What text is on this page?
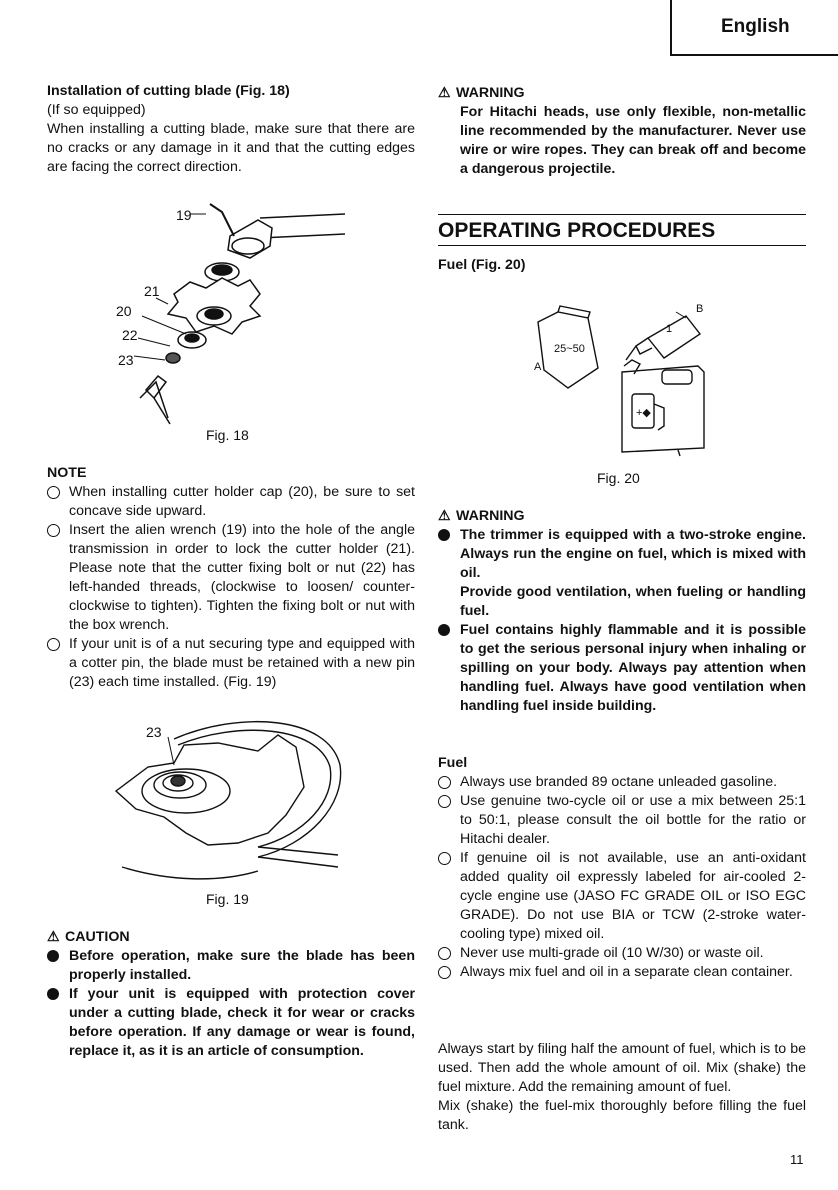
English

Installation of cutting blade (Fig. 18)

(If so equipped)

When installing a cutting blade, make sure that there are no cracks or any damage in it and that the cutting edges are facing the correct direction.

19
21
20
22
23
Fig. 18

NOTE

When installing cutter holder cap (20), be sure to set concave side upward.
Insert the alien wrench (19) into the hole of the angle transmission in order to lock the cutter holder (21). Please note that the cutter fixing bolt or nut (22) has left-handed threads, (clockwise to loosen/ counter-clockwise to tighten). Tighten the fixing bolt or nut with the box wrench.
If your unit is of a nut securing type and equipped with a cotter pin, the blade must be retained with a new pin (23) each time installed. (Fig. 19)
23
Fig. 19

⚠ CAUTION

Before operation, make sure the blade has been properly installed.
If your unit is equipped with protection cover under a cutting blade, check it for wear or cracks before operation. If any damage or wear is found, replace it, as it is an article of consumption.

⚠ WARNING

For Hitachi heads, use only flexible, non-metallic line recommended by the manufacturer. Never use wire or wire ropes. They can break off and become a dangerous projectile.

OPERATING PROCEDURES
Fuel (Fig. 20)
25~50
1
A
B
+◆
Fig. 20

⚠ WARNING

The trimmer is equipped with a two-stroke engine. Always run the engine on fuel, which is mixed with oil.
Provide good ventilation, when fueling or handling fuel.
Fuel contains highly flammable and it is possible to get the serious personal injury when inhaling or spilling on your body. Always pay attention when handling fuel. Always have good ventilation when handling fuel inside building.

Fuel

Always use branded 89 octane unleaded gasoline.
Use genuine two-cycle oil or use a mix between 25:1 to 50:1, please consult the oil bottle for the ratio or Hitachi dealer.
If genuine oil is not available, use an anti-oxidant added quality oil expressly labeled for air-cooled 2-cycle engine use (JASO FC GRADE OIL or ISO EGC GRADE). Do not use BIA or TCW (2-stroke water-cooling type) mixed oil.
Never use multi-grade oil (10 W/30) or waste oil.
Always mix fuel and oil in a separate clean container.

Always start by filing half the amount of fuel, which is to be used. Then add the whole amount of oil. Mix (shake) the fuel mixture. Add the remaining amount of fuel.

Mix (shake) the fuel-mix thoroughly before filling the fuel tank.

11
